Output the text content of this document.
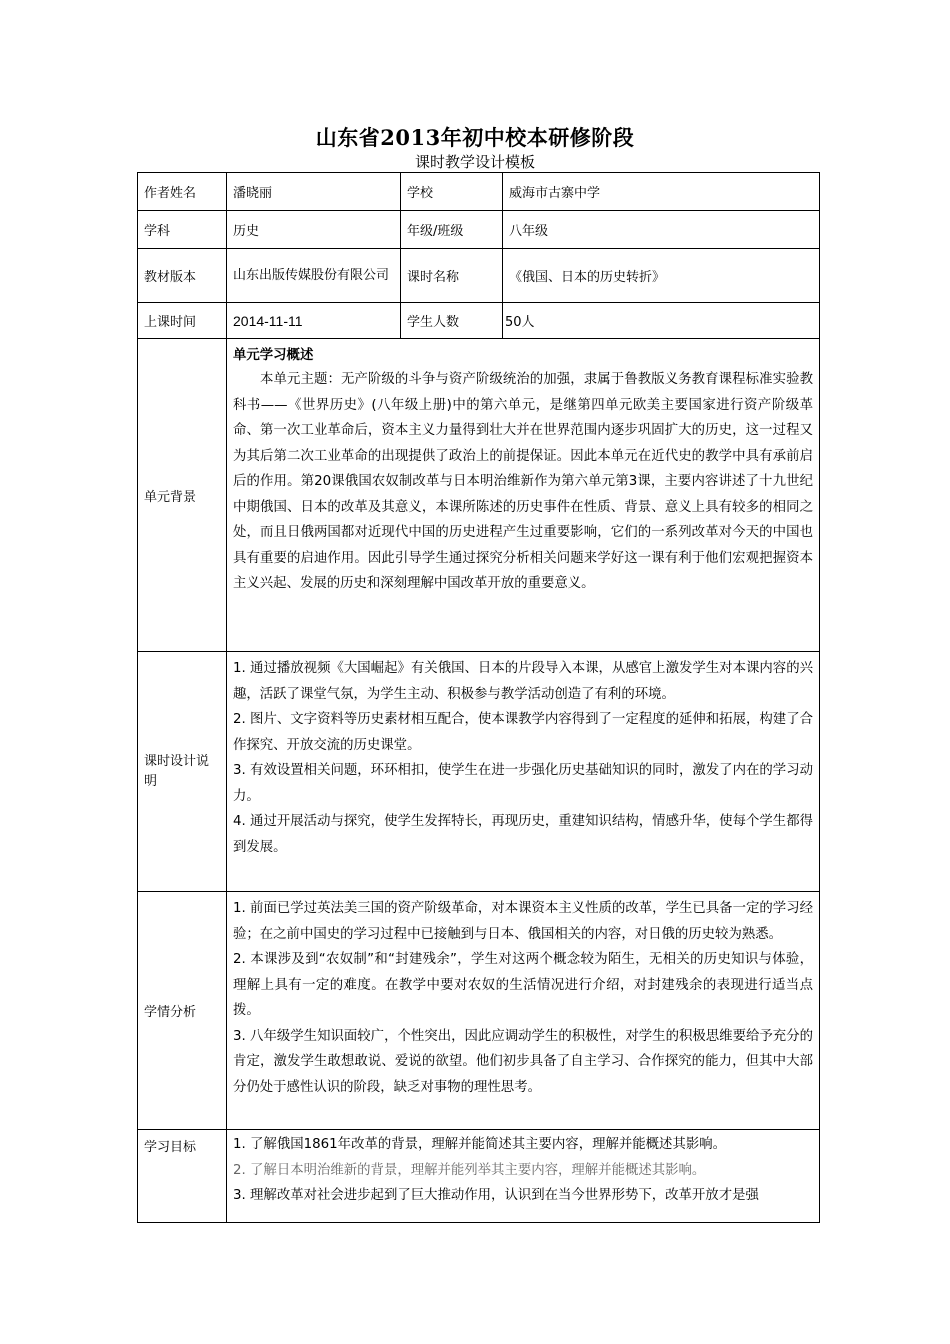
山东省2013年初中校本研修阶段
课时教学设计模板
作者姓名	潘晓丽	学校	威海市古寨中学
学科	历史	年级/班级	八年级
教材版本	山东出版传媒股份有限公司	课时名称	《俄国、日本的历史转折》
上课时间	2014-11-11	学生人数	50人
单元背景	单元学习概述
本单元主题：无产阶级的斗争与资产阶级统治的加强，隶属于鲁教版义务教育课程标准实验教科书——《世界历史》(八年级上册)中的第六单元，是继第四单元欧美主要国家进行资产阶级革命、第一次工业革命后，资本主义力量得到壮大并在世界范围内逐步巩固扩大的历史，这一过程又为其后第二次工业革命的出现提供了政治上的前提保证。因此本单元在近代史的教学中具有承前启后的作用。第20课俄国农奴制改革与日本明治维新作为第六单元第3课，主要内容讲述了十九世纪中期俄国、日本的改革及其意义，本课所陈述的历史事件在性质、背景、意义上具有较多的相同之处，而且日俄两国都对近现代中国的历史进程产生过重要影响，它们的一系列改革对今天的中国也具有重要的启迪作用。因此引导学生通过探究分析相关问题来学好这一课有利于他们宏观把握资本主义兴起、发展的历史和深刻理解中国改革开放的重要意义。		

课时设计说明	1. 通过播放视频《大国崛起》有关俄国、日本的片段导入本课，从感官上激发学生对本课内容的兴趣，活跃了课堂气氛，为学生主动、积极参与教学活动创造了有利的环境。
2. 图片、文字资料等历史素材相互配合，使本课教学内容得到了一定程度的延伸和拓展，构建了合作探究、开放交流的历史课堂。
3. 有效设置相关问题，环环相扣，使学生在进一步强化历史基础知识的同时，激发了内在的学习动力。
4. 通过开展活动与探究，使学生发挥特长，再现历史，重建知识结构，情感升华，使每个学生都得到发展。		

学情分析	1. 前面已学过英法美三国的资产阶级革命，对本课资本主义性质的改革，学生已具备一定的学习经验；在之前中国史的学习过程中已接触到与日本、俄国相关的内容，对日俄的历史较为熟悉。
2. 本课涉及到“农奴制”和“封建残余”，学生对这两个概念较为陌生，无相关的历史知识与体验，理解上具有一定的难度。在教学中要对农奴的生活情况进行介绍，对封建残余的表现进行适当点拨。
3. 八年级学生知识面较广，个性突出，因此应调动学生的积极性，对学生的积极思维要给予充分的肯定，激发学生敢想敢说、爱说的欲望。他们初步具备了自主学习、合作探究的能力，但其中大部分仍处于感性认识的阶段，缺乏对事物的理性思考。		

学习目标	1. 了解俄国1861年改革的背景，理解并能简述其主要内容，理解并能概述其影响。
2. 了解日本明治维新的背景，理解并能列举其主要内容，理解并能概述其影响。
3. 理解改革对社会进步起到了巨大推动作用，认识到在当今世界形势下，改革开放才是强		
